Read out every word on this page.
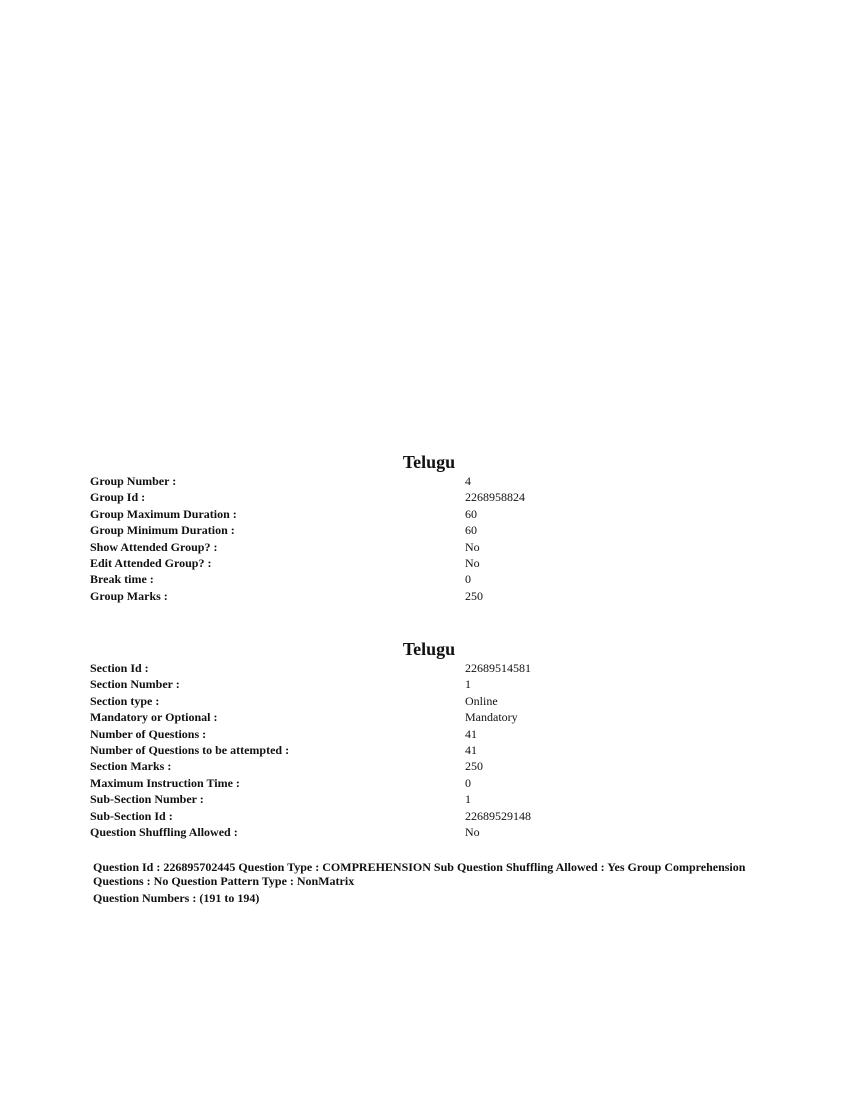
Telugu
Group Number :	4
Group Id :	2268958824
Group Maximum Duration :	60
Group Minimum Duration :	60
Show Attended Group? :	No
Edit Attended Group? :	No
Break time :	0
Group Marks :	250
Telugu
Section Id :	22689514581
Section Number :	1
Section type :	Online
Mandatory or Optional :	Mandatory
Number of Questions :	41
Number of Questions to be attempted :	41
Section Marks :	250
Maximum Instruction Time :	0
Sub-Section Number :	1
Sub-Section Id :	22689529148
Question Shuffling Allowed :	No

Question Id : 226895702445 Question Type : COMPREHENSION Sub Question Shuffling Allowed : Yes Group Comprehension Questions : No Question Pattern Type : NonMatrix

Question Numbers : (191 to 194)
